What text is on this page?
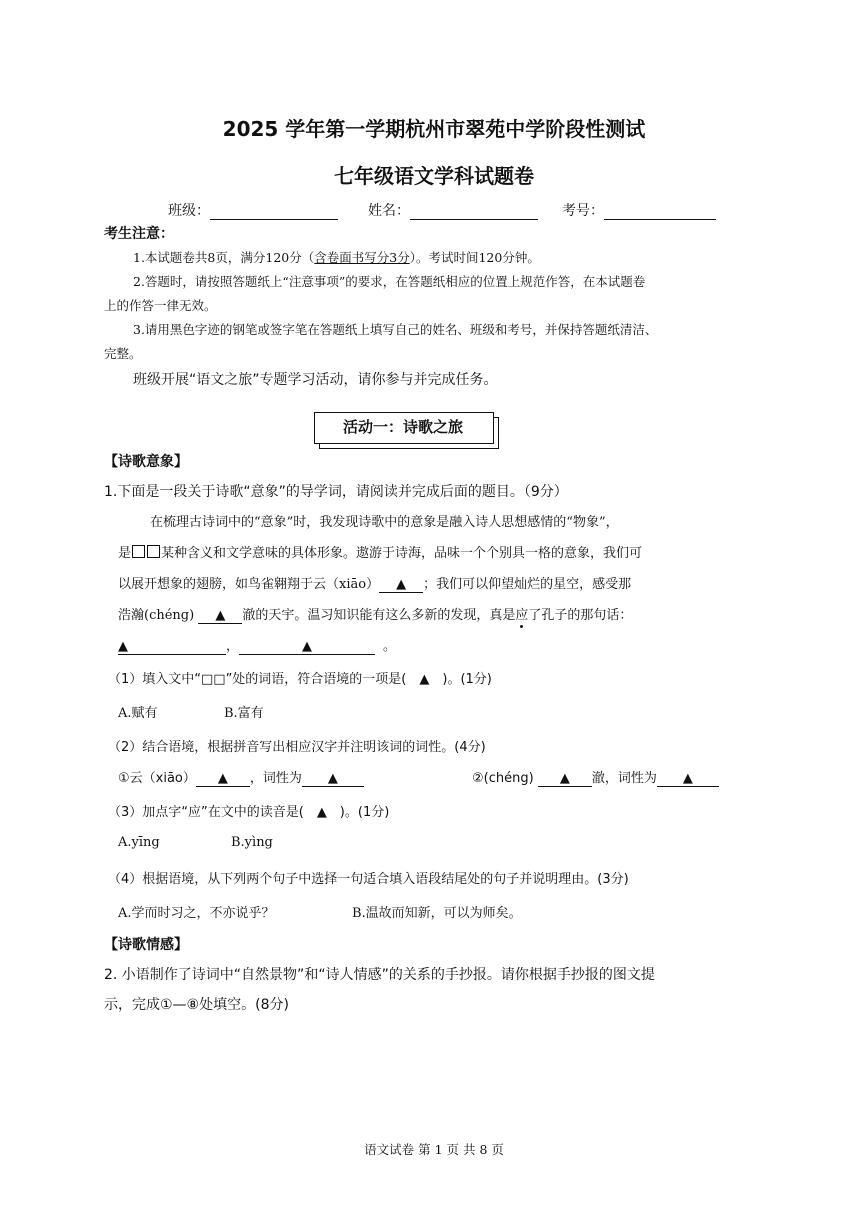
2025 学年第一学期杭州市翠苑中学阶段性测试
七年级语文学科试题卷
班级：	姓名：	考号：
考生注意：
1.本试题卷共8页，满分120分（含卷面书写分3分）。考试时间120分钟。
2.答题时，请按照答题纸上“注意事项”的要求，在答题纸相应的位置上规范作答，在本试题卷
上的作答一律无效。
3.请用黑色字迹的钢笔或签字笔在答题纸上填写自己的姓名、班级和考号，并保持答题纸清洁、
完整。
班级开展“语文之旅”专题学习活动，请你参与并完成任务。
活动一：诗歌之旅
【诗歌意象】
1.下面是一段关于诗歌“意象”的导学词，请阅读并完成后面的题目。（9分）
在梳理古诗词中的“意象”时，我发现诗歌中的意象是融入诗人思想感情的“物象”，
是 某种含义和文学意味的具体形象。遨游于诗海，品味一个个别具一格的意象，我们可
以展开想象的翅膀，如鸟雀翱翔于云（xiāo） ▲ ；我们可以仰望灿烂的星空，感受那
浩瀚(chéng) ▲ 澈的天宇。温习知识能有这么多新的发现，真是应了孔子的那句话：
▲	，	▲	。
（1）填入文中“□□”处的词语，符合语境的一项是(　▲　)。(1分)
A.赋有	B.富有
（2）结合语境，根据拼音写出相应汉字并注明该词的词性。(4分)
①云（xiāo） ▲ ，词性为 ▲	②(chéng) ▲ 澈，词性为 ▲
（3）加点字“应”在文中的读音是(　▲　)。(1分)
A.yīng	B.yìng
（4）根据语境，从下列两个句子中选择一句适合填入语段结尾处的句子并说明理由。(3分)
A.学而时习之，不亦说乎？	B.温故而知新，可以为师矣。
【诗歌情感】
2. 小语制作了诗词中“自然景物”和“诗人情感”的关系的手抄报。请你根据手抄报的图文提
示，完成①—⑧处填空。(8分)
语文试卷 第 1 页 共 8 页
